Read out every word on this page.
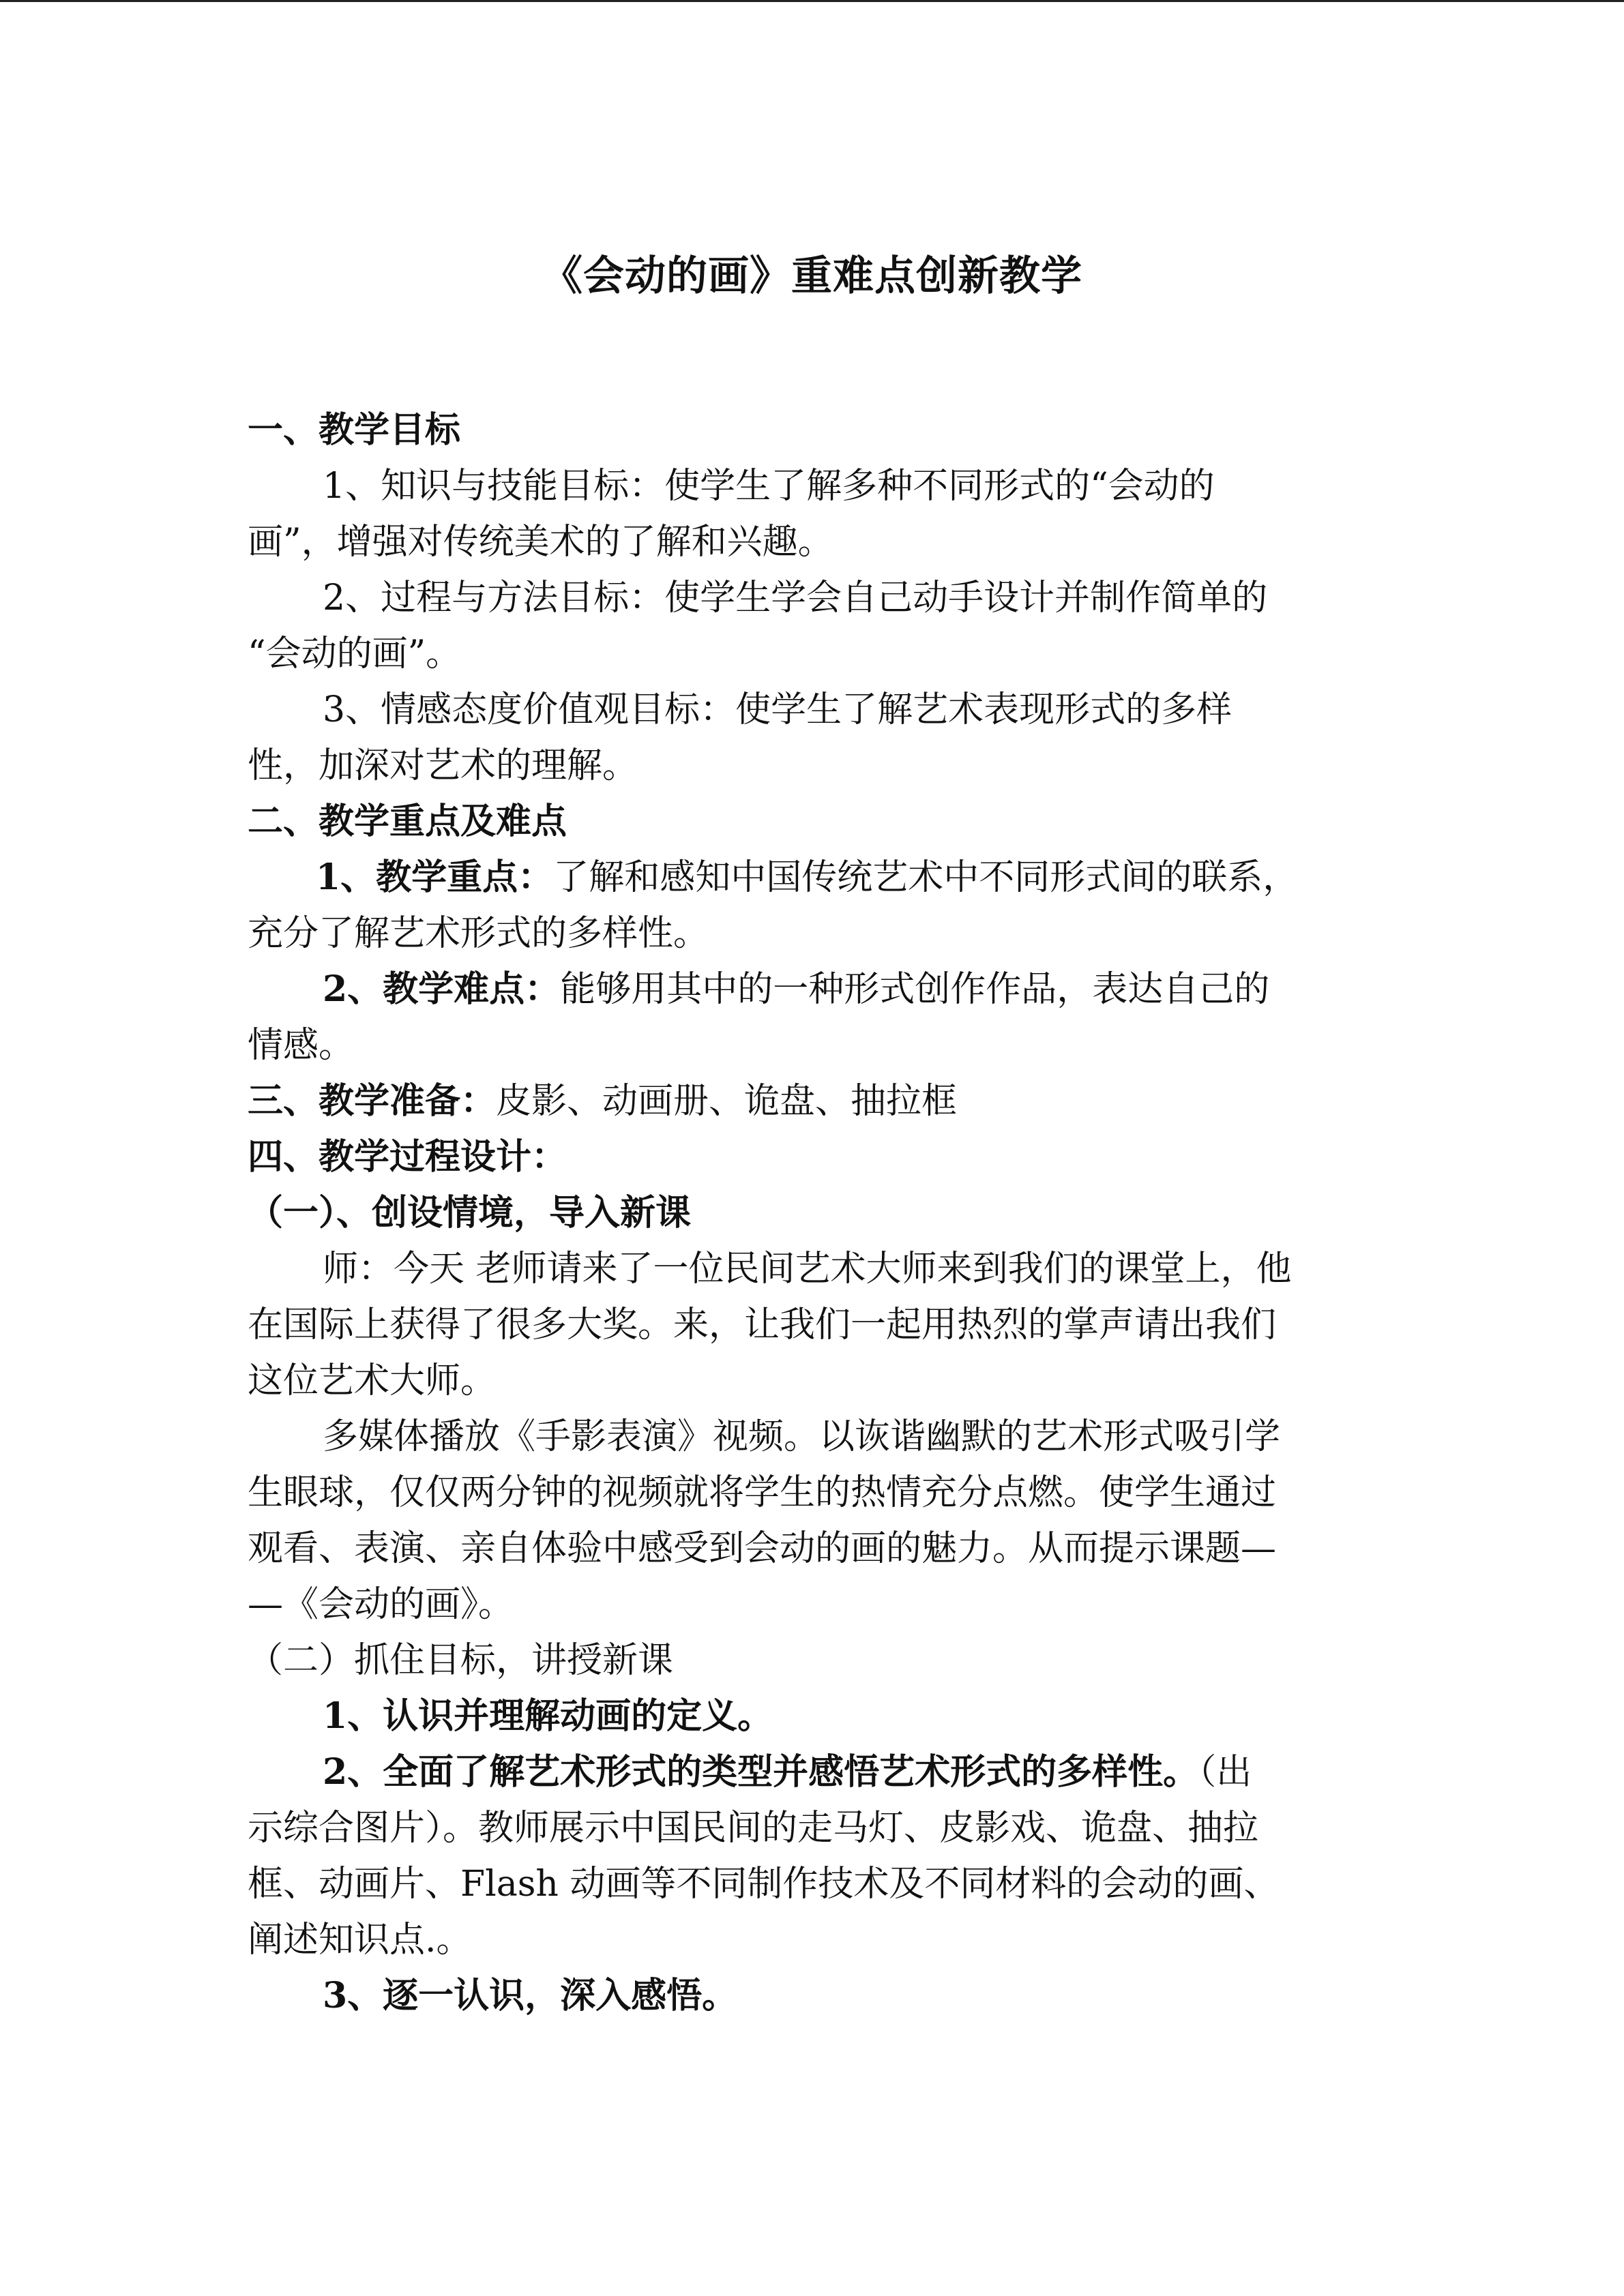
《会动的画》重难点创新教学
一、教学目标
1、知识与技能目标：使学生了解多种不同形式的“会动的
画”，增强对传统美术的了解和兴趣。
2、过程与方法目标：使学生学会自己动手设计并制作简单的
“会动的画”。
3、情感态度价值观目标：使学生了解艺术表现形式的多样
性，加深对艺术的理解。
二、教学重点及难点
1、教学重点：了解和感知中国传统艺术中不同形式间的联系，
充分了解艺术形式的多样性。
2、教学难点：能够用其中的一种形式创作作品，表达自己的
情感。
三、教学准备：皮影、动画册、诡盘、抽拉框
四、教学过程设计：
（一）、创设情境，导入新课
师：今天 老师请来了一位民间艺术大师来到我们的课堂上，他
在国际上获得了很多大奖。来，让我们一起用热烈的掌声请出我们
这位艺术大师。
多媒体播放《手影表演》视频。以诙谐幽默的艺术形式吸引学
生眼球，仅仅两分钟的视频就将学生的热情充分点燃。使学生通过
观看、表演、亲自体验中感受到会动的画的魅力。从而提示课题—
—《会动的画》。
（二）抓住目标，讲授新课
1、认识并理解动画的定义。
2、全面了解艺术形式的类型并感悟艺术形式的多样性。（出
示综合图片）。教师展示中国民间的走马灯、皮影戏、诡盘、抽拉
框、动画片、Flash 动画等不同制作技术及不同材料的会动的画、
阐述知识点.。
3、逐一认识，深入感悟。
